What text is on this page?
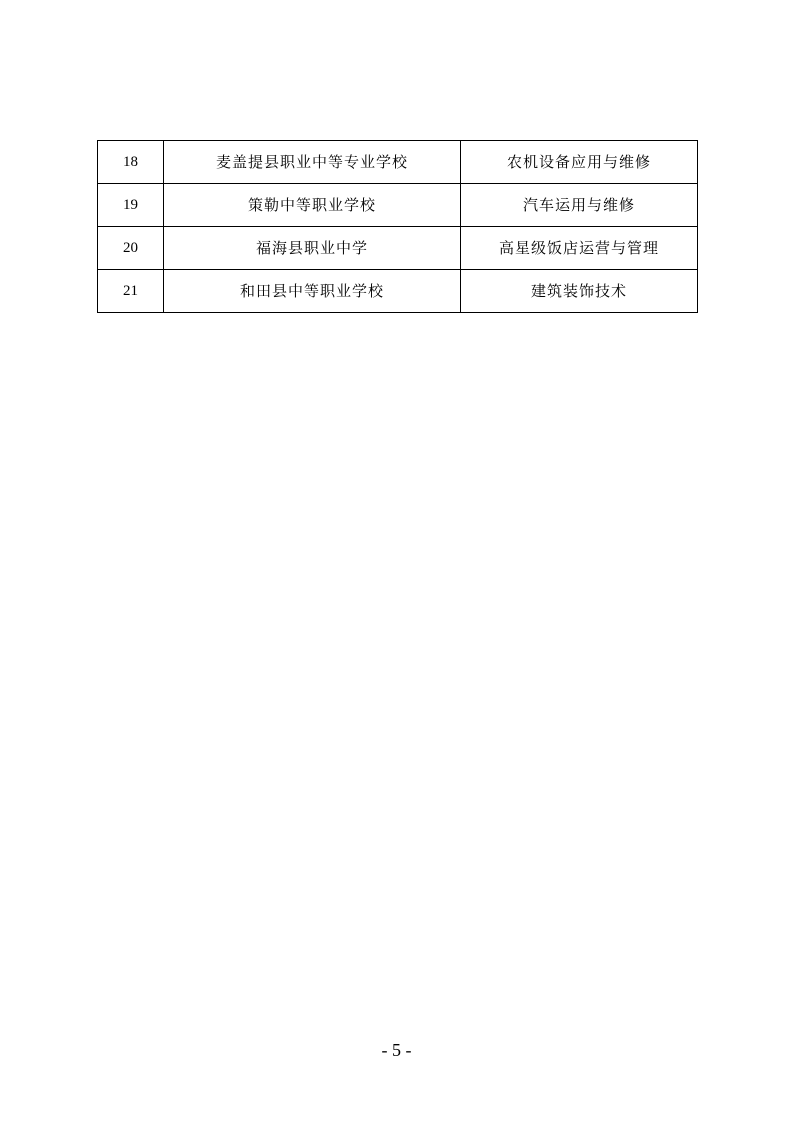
18	麦盖提县职业中等专业学校	农机设备应用与维修
19	策勒中等职业学校	汽车运用与维修
20	福海县职业中学	高星级饭店运营与管理
21	和田县中等职业学校	建筑装饰技术
- 5 -
